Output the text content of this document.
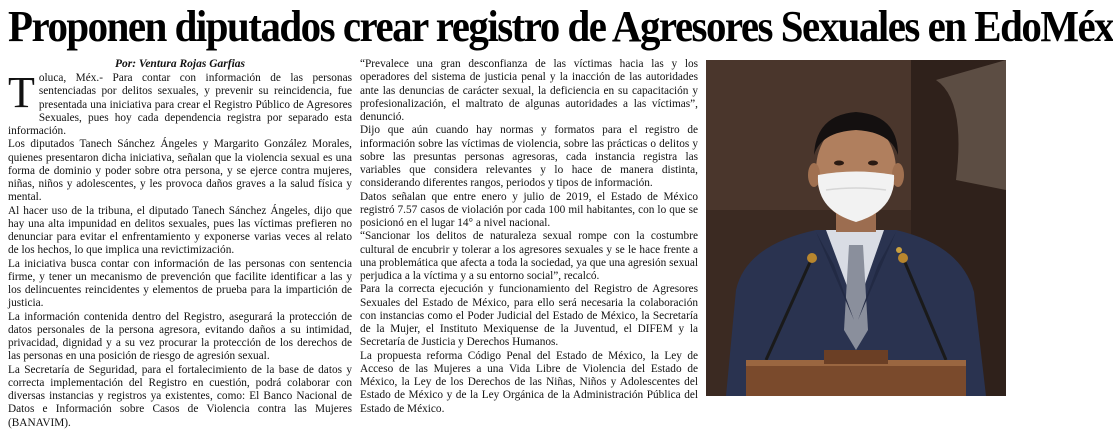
Proponen diputados crear registro de Agresores Sexuales en EdoMéx
Por: Ventura Rojas Garfias

Toluca, Méx.- Para contar con información de las personas sentenciadas por delitos sexuales, y prevenir su reincidencia, fue presentada una iniciativa para crear el Registro Público de Agresores Sexuales, pues hoy cada dependencia registra por separado esta información.

Los diputados Tanech Sánchez Ángeles y Margarito González Morales, quienes presentaron dicha iniciativa, señalan que la violencia sexual es una forma de dominio y poder sobre otra persona, y se ejerce contra mujeres, niñas, niños y adolescentes, y les provoca daños graves a la salud física y mental.

Al hacer uso de la tribuna, el diputado Tanech Sánchez Ángeles, dijo que hay una alta impunidad en delitos sexuales, pues las víctimas prefieren no denunciar para evitar el enfrentamiento y exponerse varias veces al relato de los hechos, lo que implica una revictimización.

La iniciativa busca contar con información de las personas con sentencia firme, y tener un mecanismo de prevención que facilite identificar a las y los delincuentes reincidentes y elementos de prueba para la impartición de justicia.

La información contenida dentro del Registro, asegurará la protección de datos personales de la persona agresora, evitando daños a su intimidad, privacidad, dignidad y a su vez procurar la protección de los derechos de las personas en una posición de riesgo de agresión sexual.

La Secretaría de Seguridad, para el fortalecimiento de la base de datos y correcta implementación del Registro en cuestión, podrá colaborar con diversas instancias y registros ya existentes, como: El Banco Nacional de Datos e Información sobre Casos de Violencia contra las Mujeres (BANAVIM).

“Prevalece una gran desconfianza de las víctimas hacia las y los operadores del sistema de justicia penal y la inacción de las autoridades ante las denuncias de carácter sexual, la deficiencia en su capacitación y profesionalización, el maltrato de algunas autoridades a las víctimas”, denunció.

Dijo que aún cuando hay normas y formatos para el registro de información sobre las víctimas de violencia, sobre las prácticas o delitos y sobre las presuntas personas agresoras, cada instancia registra las variables que considera relevantes y lo hace de manera distinta, considerando diferentes rangos, periodos y tipos de información.

Datos señalan que entre enero y julio de 2019, el Estado de México registró 7.57 casos de violación por cada 100 mil habitantes, con lo que se posicionó en el lugar 14° a nivel nacional.

“Sancionar los delitos de naturaleza sexual rompe con la costumbre cultural de encubrir y tolerar a los agresores sexuales y se le hace frente a una problemática que afecta a toda la sociedad, ya que una agresión sexual perjudica a la víctima y a su entorno social”, recalcó.

Para la correcta ejecución y funcionamiento del Registro de Agresores Sexuales del Estado de México, para ello será necesaria la colaboración con instancias como el Poder Judicial del Estado de México, la Secretaría de la Mujer, el Instituto Mexiquense de la Juventud, el DIFEM y la Secretaría de Justicia y Derechos Humanos.

La propuesta reforma Código Penal del Estado de México, la Ley de Acceso de las Mujeres a una Vida Libre de Violencia del Estado de México, la Ley de los Derechos de las Niñas, Niños y Adolescentes del Estado de México y de la Ley Orgánica de la Administración Pública del Estado de México.
